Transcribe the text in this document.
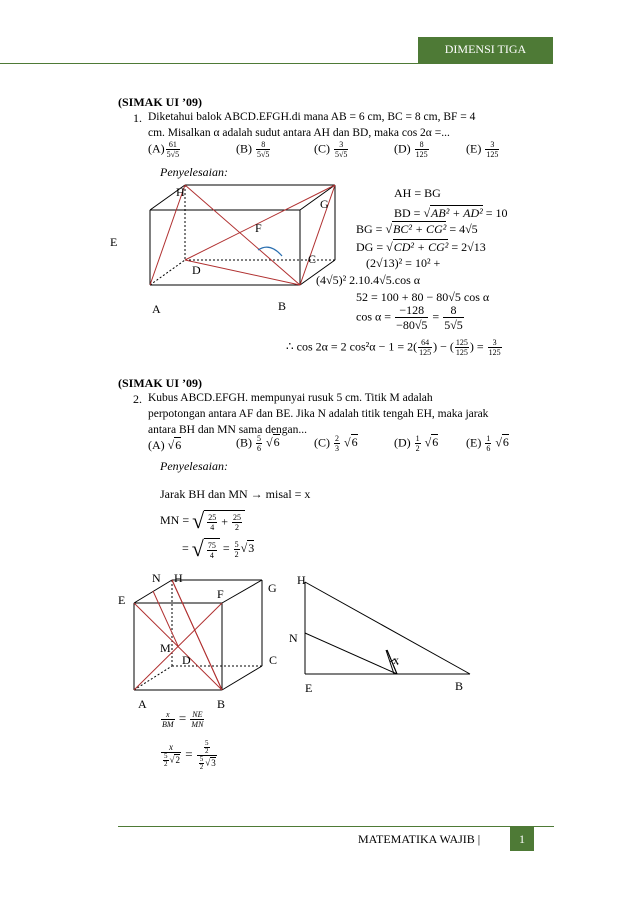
DIMENSI TIGA
(SIMAK UI ’09)
1. Diketahui balok ABCD.EFGH.di mana AB = 6 cm, BC = 8 cm, BF = 4
cm. Misalkan α adalah sudut antara AH dan BD, maka cos 2α =...
$(A) \frac{61}{5√5}$	$(B) \frac{8}{5√5}$	$(C) \frac{3}{5√5}$	$(D) \frac{8}{125}$	$(E) \frac{3}{125}$
Penyelesaian:
H
G
E
F
D
C
A	B
AH = BG
BD = √AB² + AD² = 10
BG = √BC² + CG² = 4√5
DG = √CD² + CG² = 2√13
(2√13)² = 10² +
(4√5)² 2.10.4√5.cos α
52 = 100 + 80 − 80√5 cos α
$\cos \alpha = \frac{-128}{-80√5} = \frac{8}{5√5}$
∴ cos 2α = 2 $\cos^2\alpha - 1 = 2( \frac{64}{125}$ ) − ( $\frac{125}{125}$ ) = $\frac{3}{125}$
(SIMAK UI ’09)
2. Kubus ABCD.EFGH. mempunyai rusuk 5 cm. Titik M adalah
perpotongan antara AF dan BE. Jika N adalah titik tengah EH, maka jarak
antara BH dan MN sama dengan...
(A) √6	$(B) \frac{5}{6} √6$	$(C) \frac{2}{3} √6$	$(D) \frac{1}{2} √6$ $(E) \frac{1}{6} √6$
Penyelesaian:
Jarak BH dan MN → misal = x
MN = √ $\frac{25}{4} + \frac{25}{2}$
= √ $\frac{75}{4} = \frac{5}{2} √3$
N H
G
E	F
M
D	C
A	B
H
N
x
E	B
$\frac{x}{BM} = \frac{NE}{MN}$
$\frac{x}{\frac{5}{2} √2} = \frac{\frac{5}{2}}{\frac{5}{2} √3}$
MATEMATIKA WAJIB |	1
